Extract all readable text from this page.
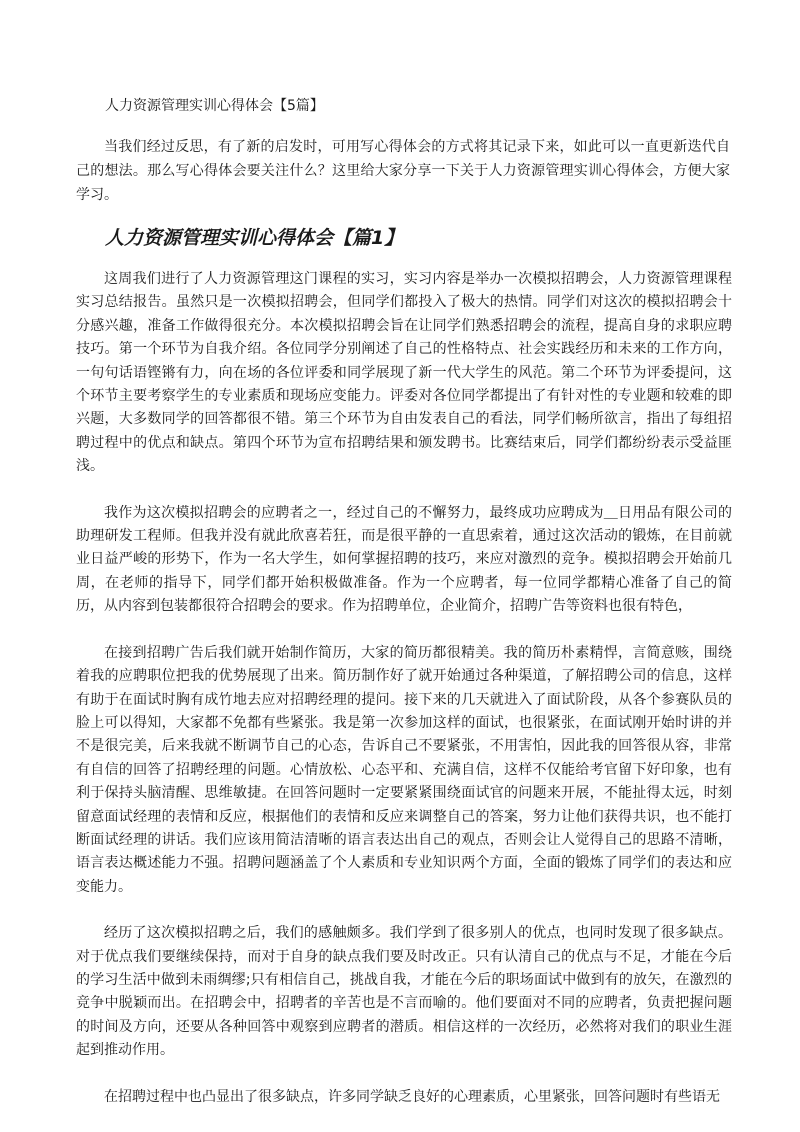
人力资源管理实训心得体会【5篇】

当我们经过反思，有了新的启发时，可用写心得体会的方式将其记录下来，如此可以一直更新迭代自己的想法。那么写心得体会要关注什么？这里给大家分享一下关于人力资源管理实训心得体会，方便大家学习。

人力资源管理实训心得体会【篇1】

这周我们进行了人力资源管理这门课程的实习，实习内容是举办一次模拟招聘会，人力资源管理课程实习总结报告。虽然只是一次模拟招聘会，但同学们都投入了极大的热情。同学们对这次的模拟招聘会十分感兴趣，准备工作做得很充分。本次模拟招聘会旨在让同学们熟悉招聘会的流程，提高自身的求职应聘技巧。第一个环节为自我介绍。各位同学分别阐述了自己的性格特点、社会实践经历和未来的工作方向，一句句话语铿锵有力，向在场的各位评委和同学展现了新一代大学生的风范。第二个环节为评委提问，这个环节主要考察学生的专业素质和现场应变能力。评委对各位同学都提出了有针对性的专业题和较难的即兴题，大多数同学的回答都很不错。第三个环节为自由发表自己的看法，同学们畅所欲言，指出了每组招聘过程中的优点和缺点。第四个环节为宣布招聘结果和颁发聘书。比赛结束后，同学们都纷纷表示受益匪浅。

我作为这次模拟招聘会的应聘者之一，经过自己的不懈努力，最终成功应聘成为＿日用品有限公司的助理研发工程师。但我并没有就此欣喜若狂，而是很平静的一直思索着，通过这次活动的锻炼，在目前就业日益严峻的形势下，作为一名大学生，如何掌握招聘的技巧，来应对激烈的竞争。模拟招聘会开始前几周，在老师的指导下，同学们都开始积极做准备。作为一个应聘者，每一位同学都精心准备了自己的简历，从内容到包装都很符合招聘会的要求。作为招聘单位，企业简介，招聘广告等资料也很有特色，

在接到招聘广告后我们就开始制作简历，大家的简历都很精美。我的简历朴素精悍，言简意赅，围绕着我的应聘职位把我的优势展现了出来。简历制作好了就开始通过各种渠道，了解招聘公司的信息，这样有助于在面试时胸有成竹地去应对招聘经理的提问。接下来的几天就进入了面试阶段，从各个参赛队员的脸上可以得知，大家都不免都有些紧张。我是第一次参加这样的面试，也很紧张，在面试刚开始时讲的并不是很完美，后来我就不断调节自己的心态，告诉自己不要紧张，不用害怕，因此我的回答很从容，非常有自信的回答了招聘经理的问题。心情放松、心态平和、充满自信，这样不仅能给考官留下好印象，也有利于保持头脑清醒、思维敏捷。在回答问题时一定要紧紧围绕面试官的问题来开展，不能扯得太远，时刻留意面试经理的表情和反应，根据他们的表情和反应来调整自己的答案，努力让他们获得共识，也不能打断面试经理的讲话。我们应该用简洁清晰的语言表达出自己的观点，否则会让人觉得自己的思路不清晰，语言表达概述能力不强。招聘问题涵盖了个人素质和专业知识两个方面，全面的锻炼了同学们的表达和应变能力。

经历了这次模拟招聘之后，我们的感触颇多。我们学到了很多别人的优点，也同时发现了很多缺点。对于优点我们要继续保持，而对于自身的缺点我们要及时改正。只有认清自己的优点与不足，才能在今后的学习生活中做到未雨绸缪;只有相信自己，挑战自我，才能在今后的职场面试中做到有的放矢，在激烈的竞争中脱颖而出。在招聘会中，招聘者的辛苦也是不言而喻的。他们要面对不同的应聘者，负责把握问题的时间及方向，还要从各种回答中观察到应聘者的潜质。相信这样的一次经历，必然将对我们的职业生涯起到推动作用。

在招聘过程中也凸显出了很多缺点，许多同学缺乏良好的心理素质，心里紧张，回答问题时有些语无
